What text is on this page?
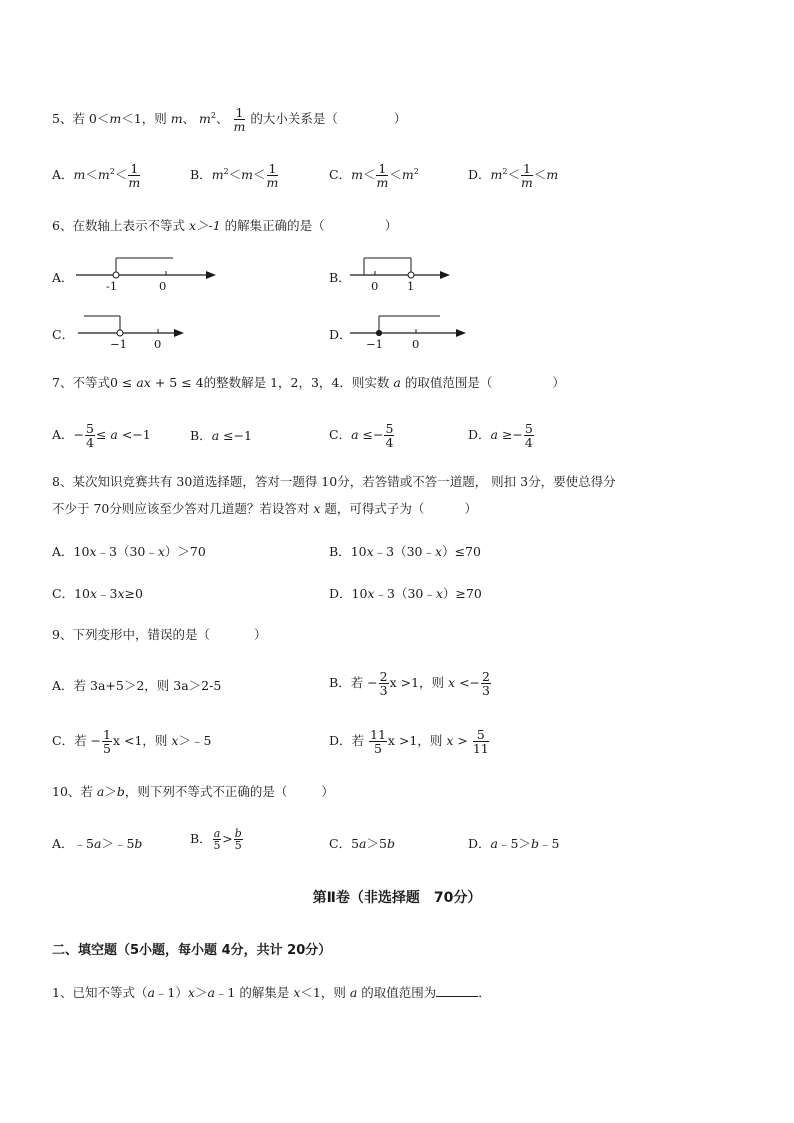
5、若 0＜m＜1，则 m、 $m^2$、 $\frac{1}{m}$ 的大小关系是（	）
A．$m<m^2< \frac{1}{m}$	B．$m^2<m< \frac{1}{m}$	C．$m< \frac{1}{m} <m^2$	D．$m^2< \frac{1}{m} <m$
6、在数轴上表示不等式 x＞-1 的解集正确的是（	）
A．
-1	0
B．
0 1
C．
−1 0
D．
−1	0
7、不等式0 ≤ ax + 5 ≤ 4的整数解是 1，2，3，4．则实数 a 的取值范围是（	）
A．− $\frac{5}{4} \le a <-1$	B．a ≤−1	C．$a \le- \frac{5}{4}$	D．$a \ge- \frac{5}{4}$
8、某次知识竞赛共有 30道选择题，答对一题得 10分，若答错或不答一道题， 则扣 3分，要使总得分
不少于 70分则应该至少答对几道题？若设答对 x 题，可得式子为（	）
A．10x﹣3（30﹣x）＞70	B．10x﹣3（30﹣x）≤70
C．10x﹣3x≥0	D．10x﹣3（30﹣x）≥70
9、下列变形中，错误的是（	）
A．若 3a+5＞2，则 3a＞2-5	B．若 − $\frac{2}{3}$ x >1，则 $x <- \frac{2}{3}$
C．若 − $\frac{1}{5}$ x <1，则 x＞﹣5	D．若 $\frac{11}{5}$ x >1，则 $x > \frac{5}{11}$
10、若 a＞b，则下列不等式不正确的是（	）
A．﹣5a＞﹣5b	B． $\frac{a}{5} > \frac{b}{5}$	C．5a＞5b	D．a﹣5＞b﹣5
第Ⅱ卷（非选择题　70分）
二、填空题（5小题，每小题 4分，共计 20分）
1、已知不等式（a﹣1）x＞a﹣1 的解集是 x＜1，则 a 的取值范围为	．
